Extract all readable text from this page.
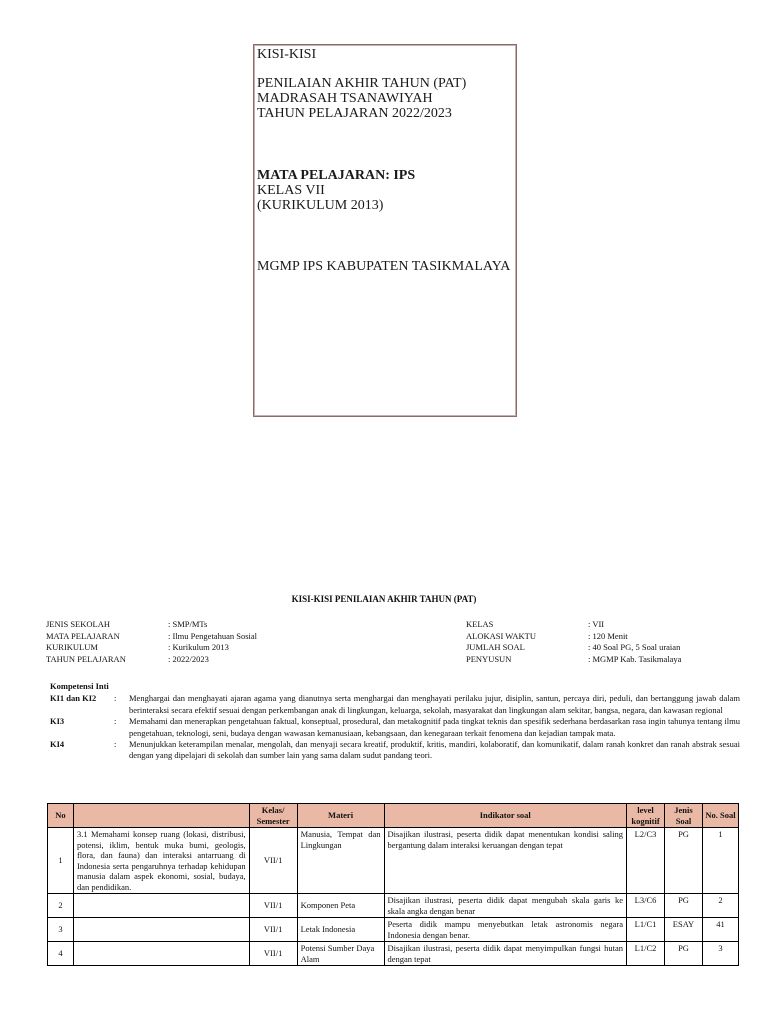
KISI-KISI
PENILAIAN AKHIR TAHUN (PAT)
MADRASAH TSANAWIYAH
TAHUN PELAJARAN 2022/2023
MATA PELAJARAN: IPS
KELAS VII
(KURIKULUM 2013)
MGMP IPS KABUPATEN TASIKMALAYA
KISI-KISI PENILAIAN AKHIR TAHUN (PAT)
JENIS SEKOLAH	: SMP/MTs
MATA PELAJARAN	: Ilmu Pengetahuan Sosial
KURIKULUM	: Kurikulum 2013
TAHUN PELAJARAN	: 2022/2023
KELAS	: VII
ALOKASI WAKTU	: 120 Menit
JUMLAH SOAL	: 40 Soal PG, 5 Soal uraian
PENYUSUN	: MGMP Kab. Tasikmalaya
Kompetensi Inti
KI1 dan KI2	:	Menghargai dan menghayati ajaran agama yang dianutnya serta menghargai dan menghayati perilaku jujur, disiplin, santun, percaya diri, peduli, dan bertanggung jawab dalam berinteraksi secara efektif sesuai dengan perkembangan anak di lingkungan, keluarga, sekolah, masyarakat dan lingkungan alam sekitar, bangsa, negara, dan kawasan regional
KI3	:	Memahami dan menerapkan pengetahuan faktual, konseptual, prosedural, dan metakognitif pada tingkat teknis dan spesifik sederhana berdasarkan rasa ingin tahunya tentang ilmu pengetahuan, teknologi, seni, budaya dengan wawasan kemanusiaan, kebangsaan, dan kenegaraan terkait fenomena dan kejadian tampak mata.
KI4	:	Menunjukkan keterampilan menalar, mengolah, dan menyaji secara kreatif, produktif, kritis, mandiri, kolaboratif, dan komunikatif, dalam ranah konkret dan ranah abstrak sesuai dengan yang dipelajari di sekolah dan sumber lain yang sama dalam sudut pandang teori.
No		Kelas/ Semester	Materi	Indikator soal	level kognitif	Jenis Soal	No. Soal
1	3.1 Memahami konsep ruang (lokasi, distribusi, potensi, iklim, bentuk muka bumi, geologis, flora, dan fauna) dan interaksi antarruang di Indonesia serta pengaruhnya terhadap kehidupan manusia dalam aspek ekonomi, sosial, budaya, dan pendidikan.	VII/1	Manusia, Tempat dan Lingkungan	Disajikan ilustrasi, peserta didik dapat menentukan kondisi saling bergantung dalam interaksi keruangan dengan tepat	L2/C3	PG	1
2		VII/1	Komponen Peta	Disajikan ilustrasi, peserta didik dapat mengubah skala garis ke skala angka dengan benar	L3/C6	PG	2
3		VII/1	Letak Indonesia	Peserta didik mampu menyebutkan letak astronomis negara Indonesia dengan benar.	L1/C1	ESAY	41
4		VII/1	Potensi Sumber Daya Alam	Disajikan ilustrasi, peserta didik dapat menyimpulkan fungsi hutan dengan tepat	L1/C2	PG	3
